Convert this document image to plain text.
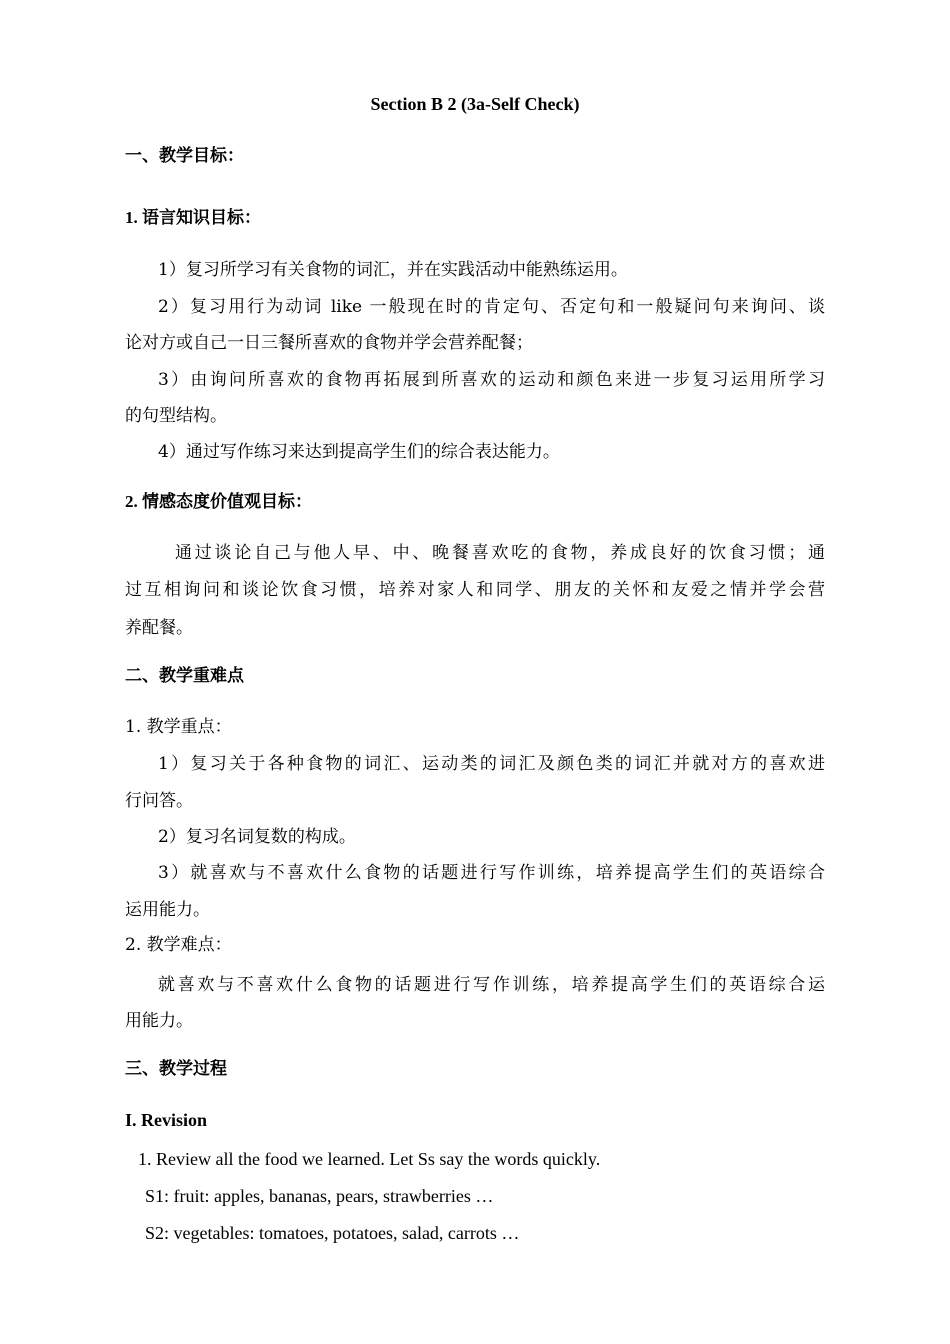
Section B 2 (3a-Self Check)
一、教学目标：
1. 语言知识目标：
1）复习所学习有关食物的词汇，并在实践活动中能熟练运用。
2）复习用行为动词 like 一般现在时的肯定句、否定句和一般疑问句来询问、谈
论对方或自己一日三餐所喜欢的食物并学会营养配餐；
3）由询问所喜欢的食物再拓展到所喜欢的运动和颜色来进一步复习运用所学习
的句型结构。
4）通过写作练习来达到提高学生们的综合表达能力。
2. 情感态度价值观目标：
通过谈论自己与他人早、中、晚餐喜欢吃的食物，养成良好的饮食习惯；通
过互相询问和谈论饮食习惯，培养对家人和同学、朋友的关怀和友爱之情并学会营
养配餐。
二、教学重难点
1. 教学重点：
1）复习关于各种食物的词汇、运动类的词汇及颜色类的词汇并就对方的喜欢进
行问答。
2）复习名词复数的构成。
3）就喜欢与不喜欢什么食物的话题进行写作训练，培养提高学生们的英语综合
运用能力。
2. 教学难点：
就喜欢与不喜欢什么食物的话题进行写作训练，培养提高学生们的英语综合运
用能力。
三、教学过程
I. Revision
1. Review all the food we learned. Let Ss say the words quickly.
S1: fruit: apples, bananas, pears, strawberries …
S2: vegetables: tomatoes, potatoes, salad, carrots …
